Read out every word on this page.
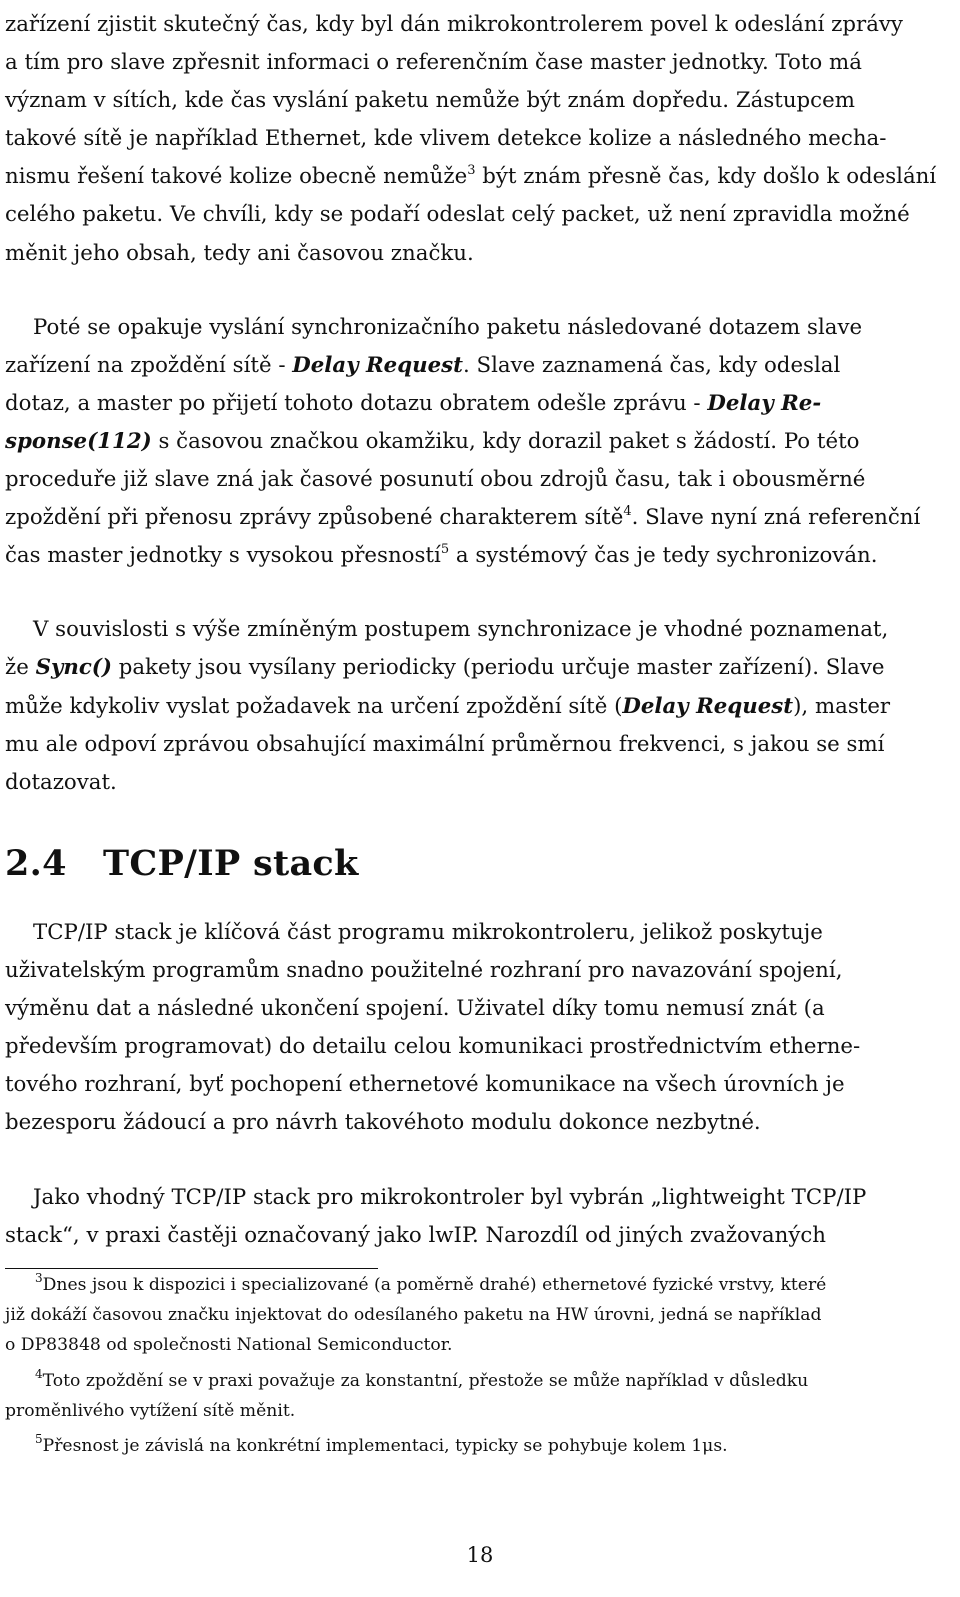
zařízení zjistit skutečný čas, kdy byl dán mikrokontrolerem povel k odeslání zprávy
a tím pro slave zpřesnit informaci o referenčním čase master jednotky. Toto má
význam v sítích, kde čas vyslání paketu nemůže být znám dopředu. Zástupcem
takové sítě je například Ethernet, kde vlivem detekce kolize a následného mecha-
nismu řešení takové kolize obecně nemůže$^3$ být znám přesně čas, kdy došlo k odeslání
celého paketu. Ve chvíli, kdy se podaří odeslat celý packet, už není zpravidla možné
měnit jeho obsah, tedy ani časovou značku.

Poté se opakuje vyslání synchronizačního paketu následované dotazem slave
zařízení na zpoždění sítě - Delay Request. Slave zaznamená čas, kdy odeslal
dotaz, a master po přijetí tohoto dotazu obratem odešle zprávu - Delay Re-
sponse(112) s časovou značkou okamžiku, kdy dorazil paket s žádostí. Po této
proceduře již slave zná jak časové posunutí obou zdrojů času, tak i obousměrné
zpoždění při přenosu zprávy způsobené charakterem sítě$^4$. Slave nyní zná referenční
čas master jednotky s vysokou přesností$^5$ a systémový čas je tedy sychronizován.

V souvislosti s výše zmíněným postupem synchronizace je vhodné poznamenat,
že Sync() pakety jsou vysílany periodicky (periodu určuje master zařízení). Slave
může kdykoliv vyslat požadavek na určení zpoždění sítě (Delay Request), master
mu ale odpoví zprávou obsahující maximální průměrnou frekvenci, s jakou se smí
dotazovat.

2.4 TCP/IP stack

TCP/IP stack je klíčová část programu mikrokontroleru, jelikož poskytuje
uživatelským programům snadno použitelné rozhraní pro navazování spojení,
výměnu dat a následné ukončení spojení. Uživatel díky tomu nemusí znát (a
především programovat) do detailu celou komunikaci prostřednictvím etherne-
tového rozhraní, byť pochopení ethernetové komunikace na všech úrovních je
bezesporu žádoucí a pro návrh takovéhoto modulu dokonce nezbytné.

Jako vhodný TCP/IP stack pro mikrokontroler byl vybrán „lightweight TCP/IP
stack“, v praxi častěji označovaný jako lwIP. Narozdíl od jiných zvažovaných

$^3$Dnes jsou k dispozici i specializované (a poměrně drahé) ethernetové fyzické vrstvy, které
již dokáží časovou značku injektovat do odesílaného paketu na HW úrovni, jedná se například
o DP83848 od společnosti National Semiconductor.

$^4$Toto zpoždění se v praxi považuje za konstantní, přestože se může například v důsledku
proměnlivého vytížení sítě měnit.

$^5$Přesnost je závislá na konkrétní implementaci, typicky se pohybuje kolem 1μs.

18
